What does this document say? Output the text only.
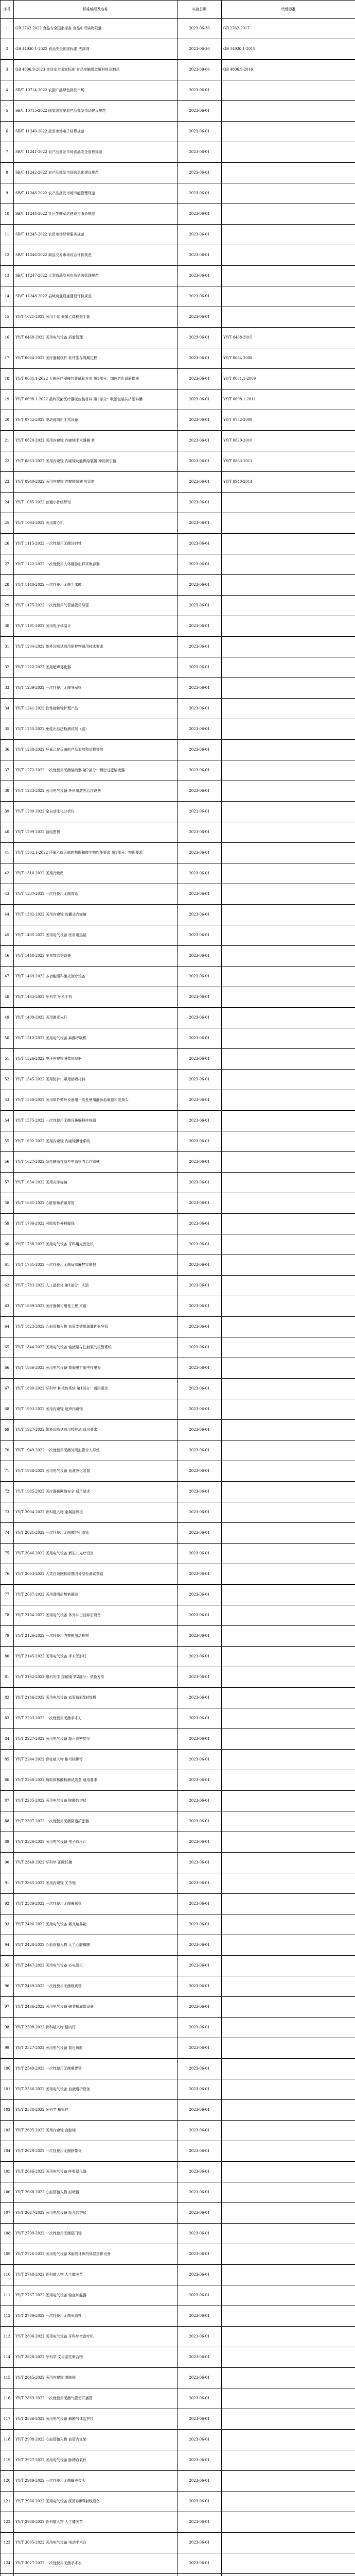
序号	标准编号及名称	实施日期	代替标准
1	GB 2762-2022 食品安全国家标准 食品中污染物限量	2023-06-30	GB 2762-2017
2	GB 14930.1-2022 食品安全国家标准 洗涤剂	2023-06-30	GB 14930.1-2015
3	GB 4806.9-2023 食品安全国家标准 食品接触用金属材料及制品	2023-09-06	GB 4806.9-2016
4	SB/T 10714-2022 农副产品绿色批发市场	2023-06-01	
5	SB/T 10715-2022 国家级重要农产品批发市场建设规范	2023-06-01	
6	SB/T 11240-2022 批发市场电子结算规范	2023-06-01	
7	SB/T 11241-2022 农产品批发市场食品安全管理规范	2023-06-01	
8	SB/T 11242-2022 农产品批发市场信息化建设规范	2023-06-01	
9	SB/T 11243-2022 农产品批发市场节能管理规范	2023-06-01	
10	SB/T 11244-2022 社区生鲜菜店建设与服务规范	2023-06-01	
11	SB/T 11245-2022 农贸市场经营服务规范	2023-06-01	
12	SB/T 11246-2022 商品交易市场综合评价规范	2023-06-01	
13	SB/T 11247-2022 大型商品交易市场消防管理规范	2023-06-01	
14	SB/T 11248-2022 县域商业设施建设评价规范	2023-06-01	
15	YY/T 1021-2022 医用手套 聚氯乙烯检查手套	2023-06-01	
16	YY/T 0468-2022 医用电气设备 质量管理	2023-06-01	YY/T 0468-2015
17	YY/T 0664-2022 医疗器械软件 软件生存周期过程	2023-06-01	YY/T 0664-2008
18	YY/T 0681.1-2022 无菌医疗器械包装试验方法 第1部分：加速老化试验指南	2023-06-01	YY/T 0681.1-2009
19	YY/T 0698.1-2022 最终灭菌医疗器械包装材料 第1部分：吸塑包装共挤塑料膜	2023-06-01	YY/T 0698.1-2011
20	YY/T 0752-2022 电动骨组织手术设备	2023-06-01	YY/T 0752-2009
21	YY/T 0820-2022 医用内窥镜 内窥镜手术器械 剪	2023-06-01	YY/T 0820-2010
22	YY/T 0863-2022 医用内窥镜 内窥镜功能供给装置 冲洗吸引器	2023-06-01	YY/T 0863-2011
23	YY/T 0940-2022 医用内窥镜 内窥镜器械 咬切钳	2023-06-01	YY/T 0940-2014
24	YY/T 1085-2022 普通小骨组织钳	2023-06-01	
25	YY/T 1094-2022 医用离心机	2023-06-01	
26	YY/T 1115-2022 一次性使用无菌注射针	2023-06-01	
27	YY/T 1122-2022 一次性使用人体静脉血样采集容器	2023-06-01	
28	YY/T 1140-2022 一次性使用无菌手术膜	2023-06-01	
29	YY/T 1175-2022 一次性使用气管插管用导管	2023-06-01	
30	YY/T 1191-2022 医用电子体温计	2023-06-01	
31	YY/T 1204-2022 体外诊断试剂用质控物通用技术要求	2023-06-01	
32	YY/T 1222-2022 医用超声雾化器	2023-06-01	
33	YY/T 1239-2022 一次性使用无菌导尿管	2023-06-01	
34	YY/T 1241-2022 软性接触镜护理产品	2023-06-01	
35	YY/T 1255-2022 免疫比浊法检测试剂（盒）	2023-06-01	
36	YY/T 1268-2022 环氧乙烷灭菌的产品追加和过程等效	2023-06-01	
37	YY/T 1272-2022 一次性使用无菌输液器 第2部分：精密过滤输液器	2023-06-01	
38	YY/T 1283-2022 医用电气设备 外科用激光治疗设备	2023-06-01	
39	YY/T 1290-2022 全自动生化分析仪	2023-06-01	
40	YY/T 1299-2022 脑电图机	2023-06-01	
41	YY/T 1302.1-2022 环氧乙烷灭菌的物理和微生物性能要求 第1部分：物理要求	2023-06-01	
42	YY/T 1310-2022 医用冷敷贴	2023-06-01	
43	YY/T 1337-2022 一次性使用无菌胃管	2023-06-01	
44	YY/T 1392-2022 医用内窥镜 胶囊式内窥镜	2023-06-01	
45	YY/T 1405-2022 医用电气设备 医用电热毯	2023-06-01	
46	YY/T 1448-2022 多参数监护设备	2023-06-01	
47	YY/T 1469-2022 多功能眼科激光治疗设备	2023-06-01	
48	YY/T 1483-2022 牙科学 牙科手机	2023-06-01	
49	YY/T 1499-2022 医用激光光纤	2023-06-01	
50	YY/T 1512-2022 医用电气设备 麻醉呼吸机	2023-06-01	
51	YY/T 1526-2022 电子内窥镜图像处理器	2023-06-01	
52	YY/T 1545-2022 医用防护口罩用熔喷材料	2023-06-01	
53	YY/T 1560-2022 医用体外循环设备用一次性使用静脉血氧饱和度探头	2023-06-01	
54	YY/T 1575-2022 一次性使用无菌耳鼻喉科冲洗器	2023-06-01	
55	YY/T 1602-2022 医用内窥镜 内窥镜摄像系统	2023-06-01	
56	YY/T 1627-2022 急性缺血性脑卒中血管内治疗器械	2023-06-01	
57	YY/T 1654-2022 医用光学窥镜	2023-06-01	
58	YY/T 1681-2022 心脏射频消融导管	2023-06-01	
59	YY/T 1706-2022 可吸收性外科缝线	2023-06-01	
60	YY/T 1738-2022 医用电气设备 牙科用光固化机	2023-06-01	
61	YY/T 1761-2022 一次性使用无菌局部麻醉穿刺包	2023-06-01	
62	YY/T 1783-2022 人工晶状体 第1部分：术语	2023-06-01	
63	YY/T 1809-2022 医疗器械可用性工程 术语	2023-06-01	
64	YY/T 1823-2022 心血管植入物 血管支架用球囊扩张导管	2023-06-01	
65	YY/T 1844-2022 医用电气设备 输液泵与注射泵的报警系统	2023-06-01	
66	YY/T 1866-2022 医用电气设备 高频电刀用中性电极	2023-06-01	
67	YY/T 1890-2022 牙科学 种植体系统 第1部分：通用要求	2023-06-01	
68	YY/T 1903-2022 医用内窥镜 超声内窥镜	2023-06-01	
69	YY/T 1927-2022 体外诊断试剂用校准品 通用要求	2023-06-01	
70	YY/T 1949-2022 一次性使用无菌外周血管介入导丝	2023-06-01	
71	YY/T 1968-2022 医用电气设备 血液净化装置	2023-06-01	
72	YY/T 1985-2022 医疗器械网络安全 通用要求	2023-06-01	
73	YY/T 2004-2022 骨科植入物 金属接骨板	2023-06-01	
74	YY/T 2021-2022 一次性使用无菌腹腔引流管	2023-06-01	
75	YY/T 2046-2022 医用电气设备 新生儿光疗设备	2023-06-01	
76	YY/T 2063-2022 人类白细胞抗原基因分型检测试剂盒	2023-06-01	
77	YY/T 2087-2022 医用透明质酸钠凝胶	2023-06-01	
78	YY/T 2104-2022 医用电气设备 体外冲击波碎石设备	2023-06-01	
79	YY/T 2126-2022 一次性使用内窥镜用活检钳	2023-06-01	
80	YY/T 2145-2022 医用电气设备 手术无影灯	2023-06-01	
81	YY/T 2162-2022 眼科光学 接触镜 第2部分：试验方法	2023-06-01	
82	YY/T 2186-2022 医用电气设备 血管造影X射线机	2023-06-01	
83	YY/T 2203-2022 一次性使用无菌手术刀	2023-06-01	
84	YY/T 2227-2022 医用电气设备 超声骨密度仪	2023-06-01	
85	YY/T 2244-2022 脊柱植入物 椎弓根螺钉	2023-06-01	
86	YY/T 2268-2022 病原体核酸检测试剂盒 通用要求	2023-06-01	
87	YY/T 2285-2022 医用电气设备 除颤监护仪	2023-06-01	
88	YY/T 2307-2022 一次性使用无菌阴道扩张器	2023-06-01	
89	YY/T 2326-2022 医用电气设备 电子血压计	2023-06-01	
90	YY/T 2348-2022 牙科学 正畸托槽	2023-06-01	
91	YY/T 2365-2022 医用内窥镜 关节镜	2023-06-01	
92	YY/T 2389-2022 一次性使用无菌鼻氧管	2023-06-01	
93	YY/T 2406-2022 医用电气设备 婴儿培养箱	2023-06-01	
94	YY/T 2428-2022 心血管植入物 人工心脏瓣膜	2023-06-01	
95	YY/T 2447-2022 医用电气设备 心电图机	2023-06-01	
96	YY/T 2469-2022 一次性使用无菌吸痰管	2023-06-01	
97	YY/T 2486-2022 医用电气设备 磁共振成像设备	2023-06-01	
98	YY/T 2508-2022 骨科植入物 髓内钉	2023-06-01	
99	YY/T 2527-2022 医用电气设备 高压氧舱	2023-06-01	
100	YY/T 2549-2022 一次性使用无菌鼻胃管	2023-06-01	
101	YY/T 2566-2022 医用电气设备 血液透析设备	2023-06-01	
102	YY/T 2588-2022 牙科学 根管锉	2023-06-01	
103	YY/T 2605-2022 医用内窥镜 宫腔镜	2023-06-01	
104	YY/T 2629-2022 一次性使用无菌脐带夹	2023-06-01	
105	YY/T 2646-2022 医用电气设备 呼吸湿化器	2023-06-01	
106	YY/T 2668-2022 心血管植入物 封堵器	2023-06-01	
107	YY/T 2687-2022 医用电气设备 胎儿监护仪	2023-06-01	
108	YY/T 2709-2022 一次性使用无菌肛门镜	2023-06-01	
109	YY/T 2726-2022 医用电气设备 X射线计算机体层摄影设备	2023-06-01	
110	YY/T 2748-2022 骨科植入物 人工髋关节	2023-06-01	
111	YY/T 2767-2022 医用电气设备 输血加温器	2023-06-01	
112	YY/T 2789-2022 一次性使用无菌采血针	2023-06-01	
113	YY/T 2806-2022 医用电气设备 牙科综合治疗机	2023-06-01	
114	YY/T 2828-2022 牙科学 义齿基托聚合物	2023-06-01	
115	YY/T 2845-2022 医用内窥镜 膀胱镜	2023-06-01	
116	YY/T 2869-2022 一次性使用无菌气管切开插管	2023-06-01	
117	YY/T 2886-2022 医用电气设备 麻醉气体监护仪	2023-06-01	
118	YY/T 2908-2022 心血管植入物 血管内支架	2023-06-01	
119	YY/T 2927-2022 医用电气设备 脉搏血氧仪	2023-06-01	
120	YY/T 2949-2022 一次性使用无菌输液接头	2023-06-01	
121	YY/T 2966-2022 医用电气设备 医用诊断X射线设备	2023-06-01	
122	YY/T 2988-2022 骨科植入物 人工膝关节	2023-06-01	
123	YY/T 3005-2022 医用电气设备 电动手术台	2023-06-01	
124	YY/T 3027-2022 一次性使用无菌手术衣	2023-06-01	
